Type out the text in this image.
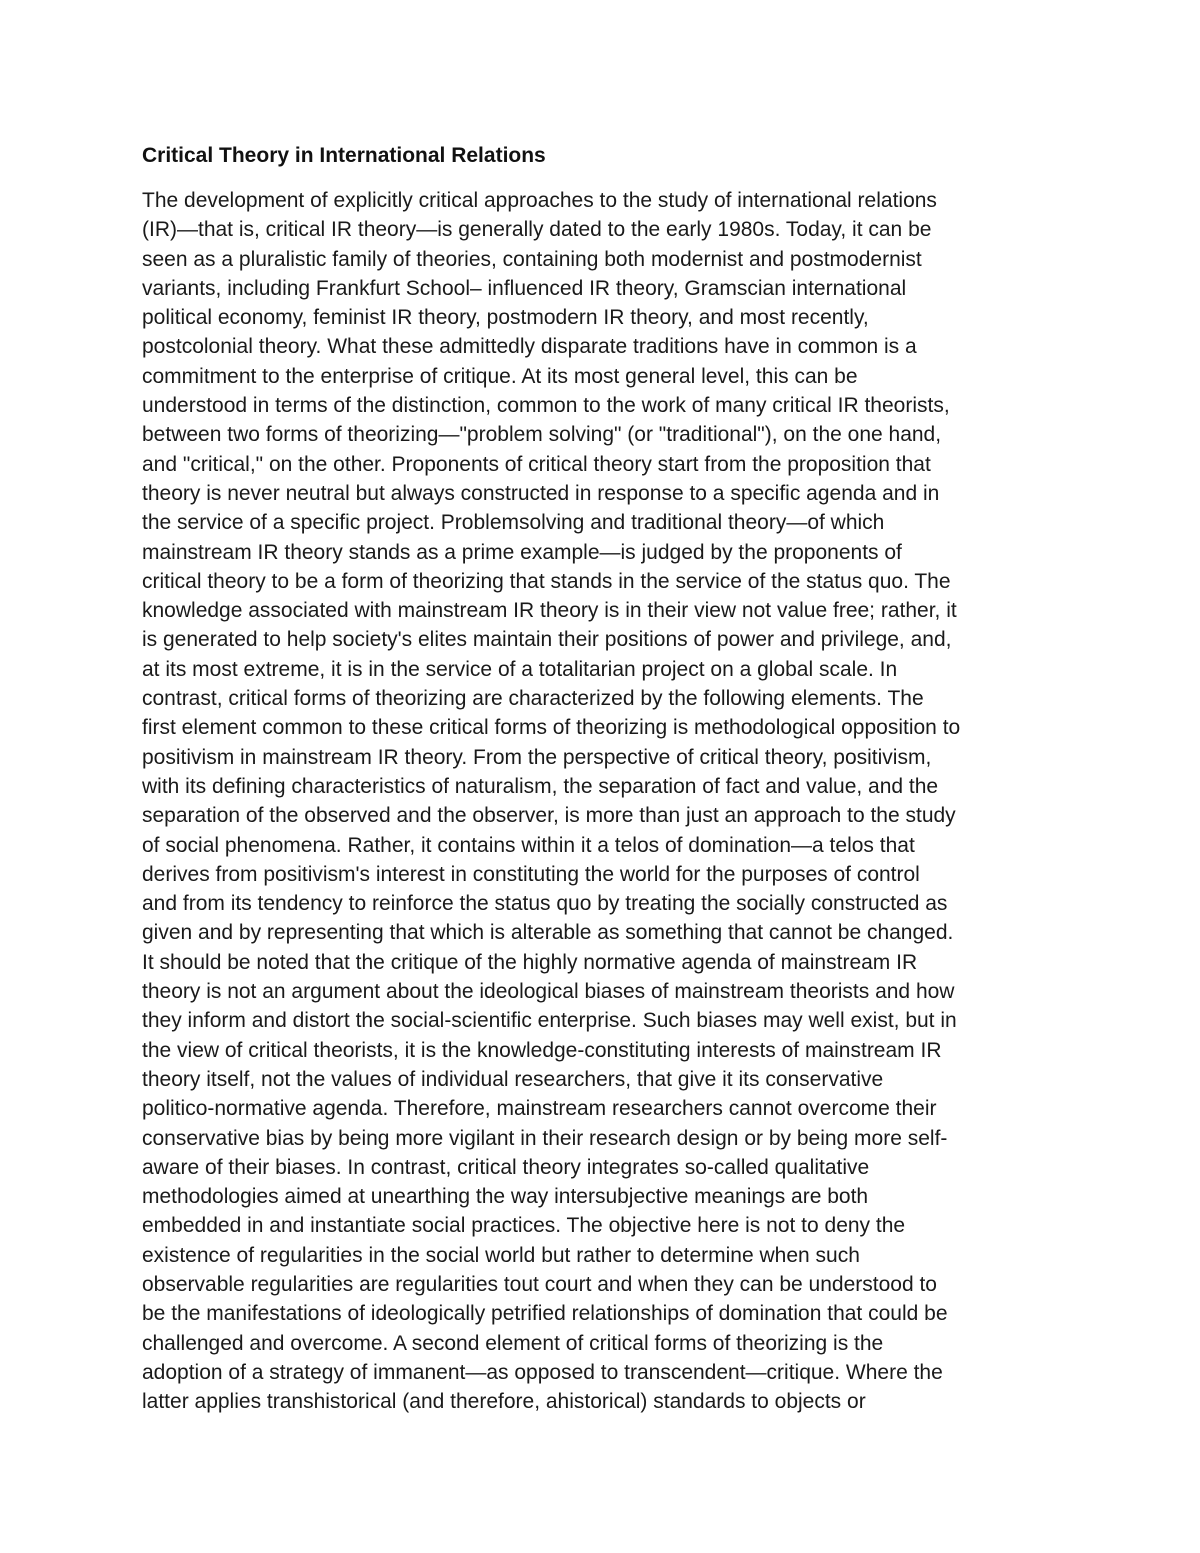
Critical Theory in International Relations
The development of explicitly critical approaches to the study of international relations
(IR)—that is, critical IR theory—is generally dated to the early 1980s. Today, it can be
seen as a pluralistic family of theories, containing both modernist and postmodernist
variants, including Frankfurt School– influenced IR theory, Gramscian international
political economy, feminist IR theory, postmodern IR theory, and most recently,
postcolonial theory. What these admittedly disparate traditions have in common is a
commitment to the enterprise of critique. At its most general level, this can be
understood in terms of the distinction, common to the work of many critical IR theorists,
between two forms of theorizing—"problem solving" (or "traditional"), on the one hand,
and "critical," on the other. Proponents of critical theory start from the proposition that
theory is never neutral but always constructed in response to a specific agenda and in
the service of a specific project. Problemsolving and traditional theory—of which
mainstream IR theory stands as a prime example—is judged by the proponents of
critical theory to be a form of theorizing that stands in the service of the status quo. The
knowledge associated with mainstream IR theory is in their view not value free; rather, it
is generated to help society's elites maintain their positions of power and privilege, and,
at its most extreme, it is in the service of a totalitarian project on a global scale. In
contrast, critical forms of theorizing are characterized by the following elements. The
first element common to these critical forms of theorizing is methodological opposition to
positivism in mainstream IR theory. From the perspective of critical theory, positivism,
with its defining characteristics of naturalism, the separation of fact and value, and the
separation of the observed and the observer, is more than just an approach to the study
of social phenomena. Rather, it contains within it a telos of domination—a telos that
derives from positivism's interest in constituting the world for the purposes of control
and from its tendency to reinforce the status quo by treating the socially constructed as
given and by representing that which is alterable as something that cannot be changed.
It should be noted that the critique of the highly normative agenda of mainstream IR
theory is not an argument about the ideological biases of mainstream theorists and how
they inform and distort the social-scientific enterprise. Such biases may well exist, but in
the view of critical theorists, it is the knowledge-constituting interests of mainstream IR
theory itself, not the values of individual researchers, that give it its conservative
politico-normative agenda. Therefore, mainstream researchers cannot overcome their
conservative bias by being more vigilant in their research design or by being more self-
aware of their biases. In contrast, critical theory integrates so-called qualitative
methodologies aimed at unearthing the way intersubjective meanings are both
embedded in and instantiate social practices. The objective here is not to deny the
existence of regularities in the social world but rather to determine when such
observable regularities are regularities tout court and when they can be understood to
be the manifestations of ideologically petrified relationships of domination that could be
challenged and overcome. A second element of critical forms of theorizing is the
adoption of a strategy of immanent—as opposed to transcendent—critique. Where the
latter applies transhistorical (and therefore, ahistorical) standards to objects or
